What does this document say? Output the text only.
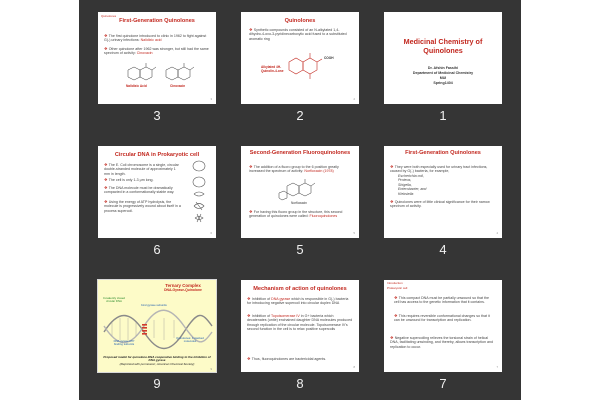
Quinolones
First-Generation Quinolones
❖ The first quinolone introduced to clinic in 1962 to fight against G(-) urinary infections: Nalidixic acid
❖ Other quinolone after 1962 was stronger, but still had the same spectrum of activity: Cinoxacin
Nalidixic Acid	Cinoxacin
3
3
Quinolones
❖ Synthetic compounds consisted of an N-alkylated 1,4-dihydro-4-oxo-3-pyridinecarboxylic acid fused to a substituted aromatic ring
COOH
Alkylated 4H-Quinolin-4-one
2
2
Medicinal Chemistry of Quinolones
Dr. Afshin Fassihi
Department of Medicinal Chemistry
MUI
Spring1404
1
Circular DNA in Prokaryotic cell
❖ The E. Coli chromosome is a single, circular double-stranded molecule of approximately 1 mm in length.
❖ The cell is only 1-3 μm long.
❖ The DNA molecule must be dramatically compacted in a conformationally stable way.
❖ Using the energy of ATP hydrolysis, the molecule is progressively wound about itself in a process supercoil.
6
6
Second-Generation Fluoroquinolones
❖ The addition of a fluoro group to the 6 position greatly increased the spectrum of activity: Norfloxacin (1978)
Norfloxacin
❖ For having this fluoro group in the structure, this second generation of quinolones were called: Fluoroquinolones
5
5
First-Generation Quinolones
❖ They were both especially used for urinary tract infections, caused by G(-) bacteria, for example,
Escherichia coli,
Proteus,
Shigella,
Enterobacter, and
Klebsiella
❖ Quinolones were of little clinical significance for their narrow spectrum of activity.
4
4
Ternary Complex
DNA-Gyrase-Quinolone
Covalently closed circular DNA
bind gyrase subunits
DNA gyrase ATP binding subunits
Quinolones: 4 stacked molecules
Proposed model for quinolone-DNA cooperative binding to the inhibition of DNA gyrase
(Reprinted with permission; American Chemical Society)
9
9
Mechanism of action of quinolones
❖ Inhibition of DNA gyrase which is responsible in G(-) bacteria for introducing negative supercoil into circular duplex DNA
❖ Inhibition of Topoisomerase IV in G+ bacteria which decatenates (untie) enchained daughter DNA molecules produced through replication of the circular molecule. Topoisomerase IV's second function in the cell is to relax positive supercoils
❖ Thus, fluoroquinolones are bactericidal agents.
8
8
Introduction
Prokaryotic cell
❖ This compact DNA must be partially unwound so that the cell has access to the genetic information that it contains.
❖ This requires reversible conformational changes so that it can be unwound for transcription and replication.
❖ Negative supercoiling relieves the torsional strain of helical DNA, facilitating unwinding, and thereby, allows transcription and replication to occur.
7
7
